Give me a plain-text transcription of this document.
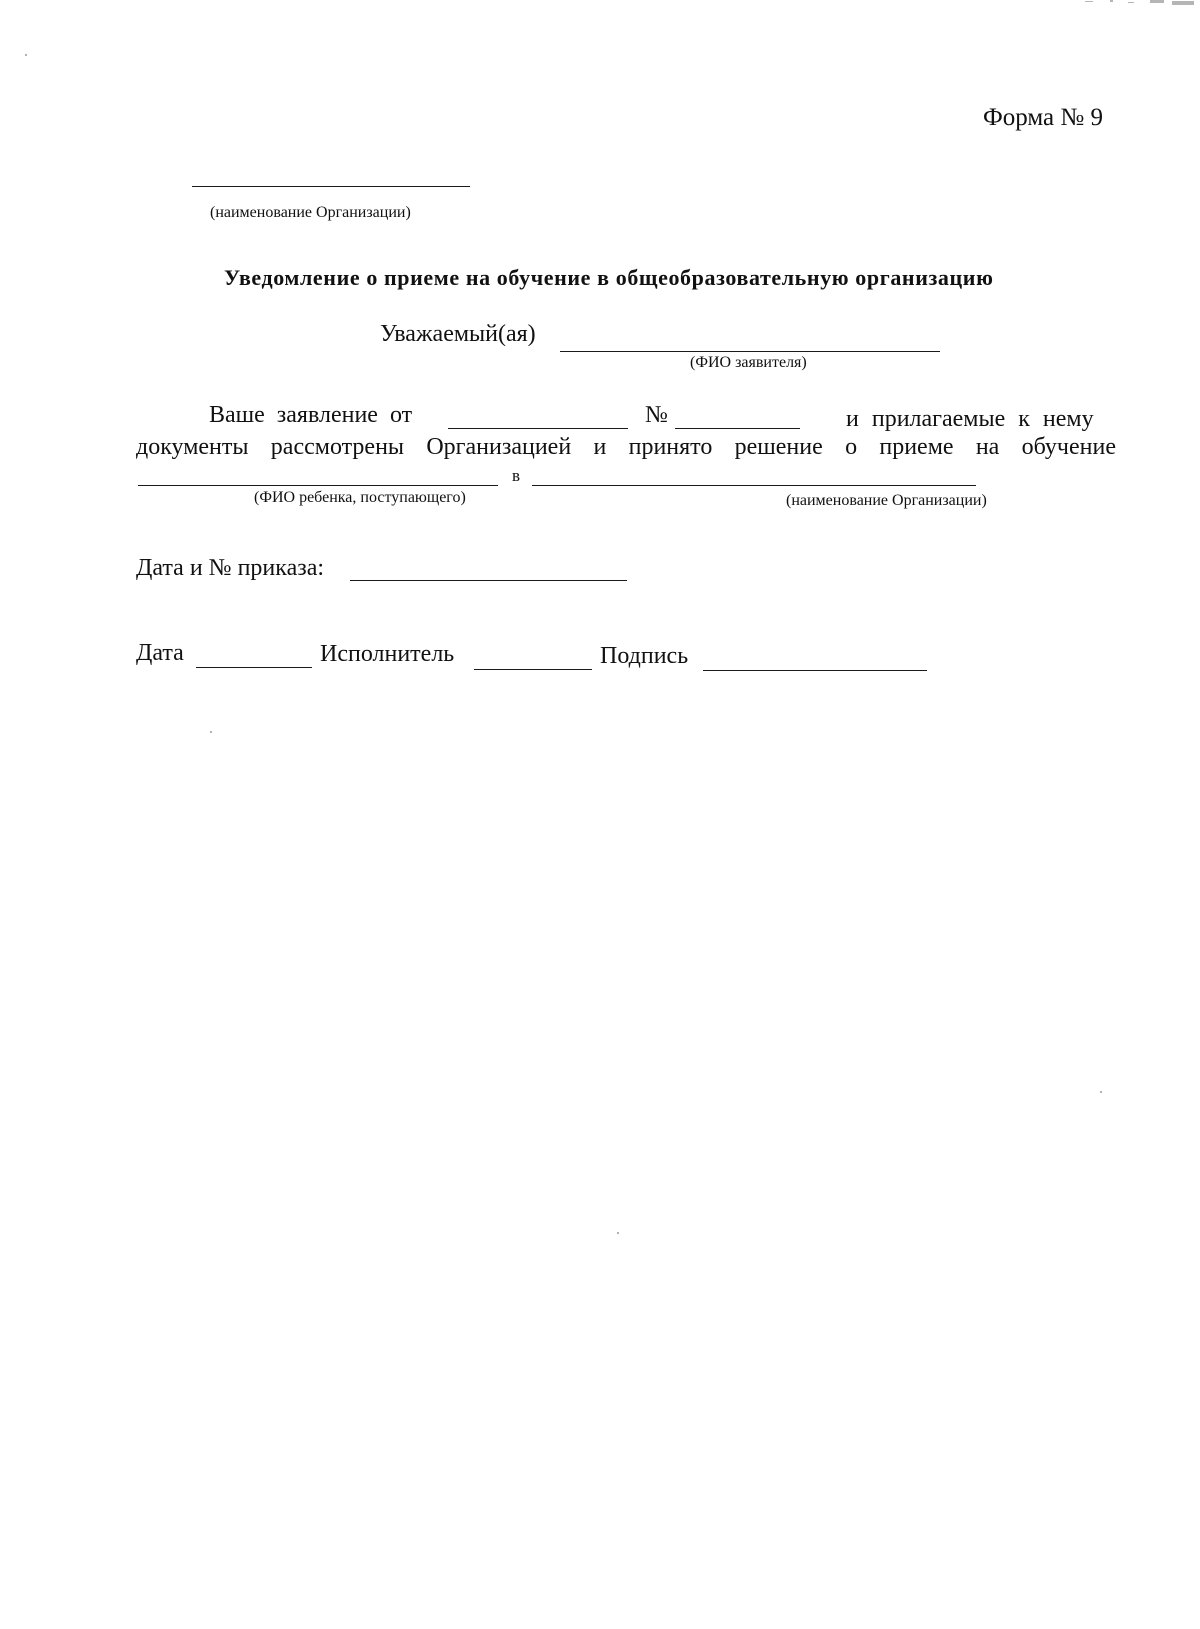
Форма № 9
(наименование Организации)
Уведомление о приеме на обучение в общеобразовательную организацию
Уважаемый(ая)
(ФИО заявителя)
Ваше заявление от	№	и прилагаемые к нему
документы рассмотрены Организацией и принято решение о приеме на обучение
в
(ФИО ребенка, поступающего)	(наименование Организации)
Дата и № приказа:
Дата	Исполнитель	Подпись
